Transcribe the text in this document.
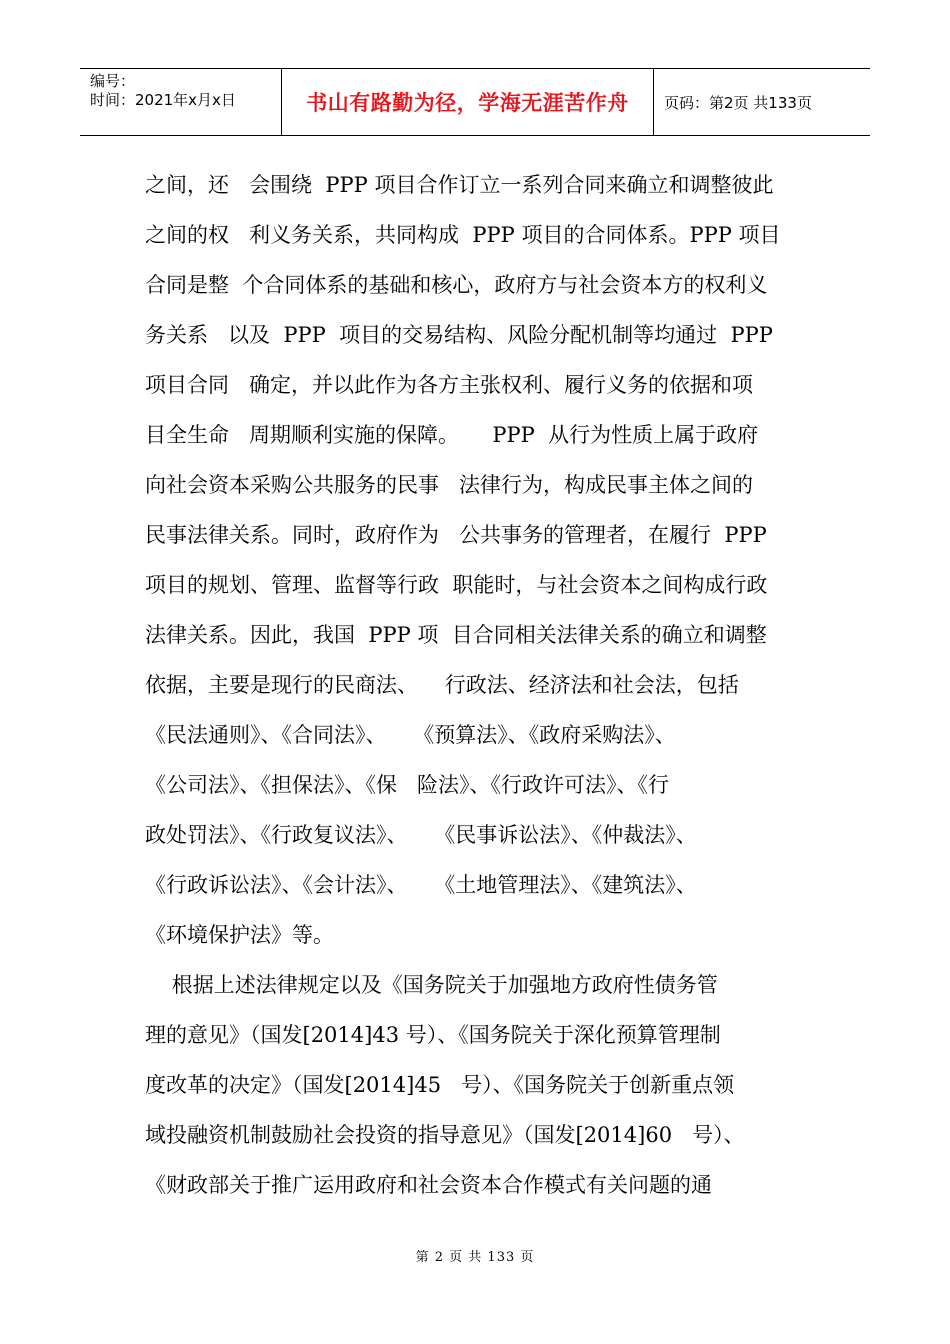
编号：
时间：2021年x月x日	书山有路勤为径，学海无涯苦作舟	页码：第2页 共133页
之间，还   会围绕  PPP 项目合作订立一系列合同来确立和调整彼此
之间的权   利义务关系，共同构成  PPP 项目的合同体系。PPP 项目
合同是整  个合同体系的基础和核心，政府方与社会资本方的权利义
务关系   以及  PPP  项目的交易结构、风险分配机制等均通过  PPP
项目合同   确定，并以此作为各方主张权利、履行义务的依据和项
目全生命   周期顺利实施的保障。     PPP  从行为性质上属于政府
向社会资本采购公共服务的民事   法律行为，构成民事主体之间的
民事法律关系。同时，政府作为   公共事务的管理者，在履行  PPP
项目的规划、管理、监督等行政  职能时，与社会资本之间构成行政
法律关系。因此，我国  PPP 项  目合同相关法律关系的确立和调整
依据，主要是现行的民商法、    行政法、经济法和社会法，包括
《民法通则》、《合同法》、    《预算法》、《政府采购法》、
《公司法》、《担保法》、《保   险法》、《行政许可法》、《行
政处罚法》、《行政复议法》、    《民事诉讼法》、《仲裁法》、
《行政诉讼法》、《会计法》、    《土地管理法》、《建筑法》、
《环境保护法》等。
根据上述法律规定以及《国务院关于加强地方政府性债务管
理的意见》（国发[2014]43 号）、《国务院关于深化预算管理制
度改革的决定》（国发[2014]45   号）、《国务院关于创新重点领
域投融资机制鼓励社会投资的指导意见》（国发[2014]60   号）、
《财政部关于推广运用政府和社会资本合作模式有关问题的通
第 2 页 共 133 页
